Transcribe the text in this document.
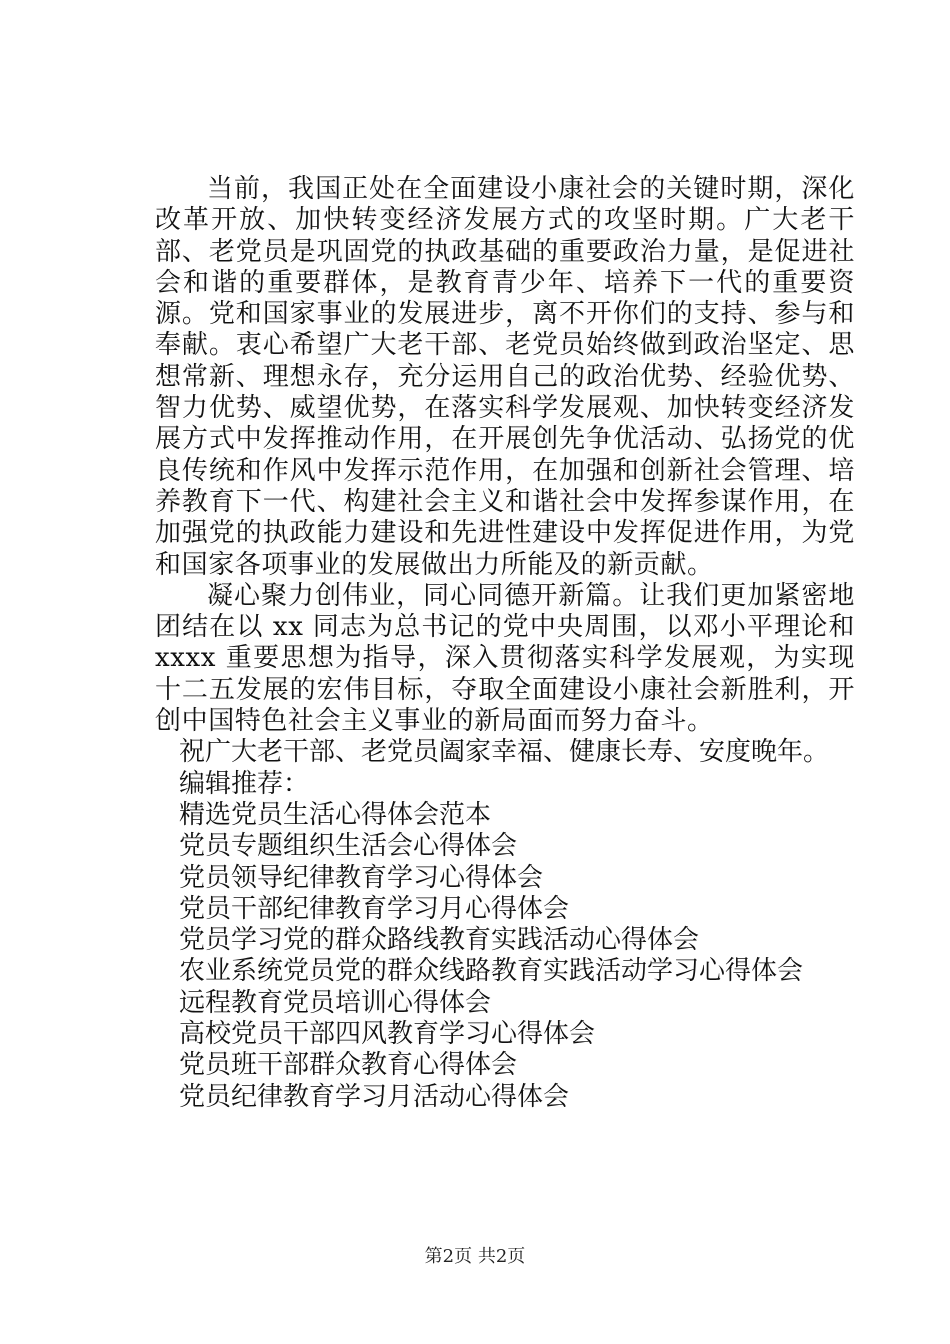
当前，我国正处在全面建设小康社会的关键时期，深化改革开放、加快转变经济发展方式的攻坚时期。广大老干部、老党员是巩固党的执政基础的重要政治力量，是促进社会和谐的重要群体，是教育青少年、培养下一代的重要资源。党和国家事业的发展进步，离不开你们的支持、参与和奉献。衷心希望广大老干部、老党员始终做到政治坚定、思想常新、理想永存，充分运用自己的政治优势、经验优势、智力优势、威望优势，在落实科学发展观、加快转变经济发展方式中发挥推动作用，在开展创先争优活动、弘扬党的优良传统和作风中发挥示范作用，在加强和创新社会管理、培养教育下一代、构建社会主义和谐社会中发挥参谋作用，在加强党的执政能力建设和先进性建设中发挥促进作用，为党和国家各项事业的发展做出力所能及的新贡献。

凝心聚力创伟业，同心同德开新篇。让我们更加紧密地团结在以 xx 同志为总书记的党中央周围，以邓小平理论和 xxxx 重要思想为指导，深入贯彻落实科学发展观，为实现十二五发展的宏伟目标，夺取全面建设小康社会新胜利，开创中国特色社会主义事业的新局面而努力奋斗。

祝广大老干部、老党员阖家幸福、健康长寿、安度晚年。

编辑推荐：

精选党员生活心得体会范本
党员专题组织生活会心得体会
党员领导纪律教育学习心得体会
党员干部纪律教育学习月心得体会
党员学习党的群众路线教育实践活动心得体会
农业系统党员党的群众线路教育实践活动学习心得体会
远程教育党员培训心得体会
高校党员干部四风教育学习心得体会
党员班干部群众教育心得体会
党员纪律教育学习月活动心得体会
第2页 共2页
